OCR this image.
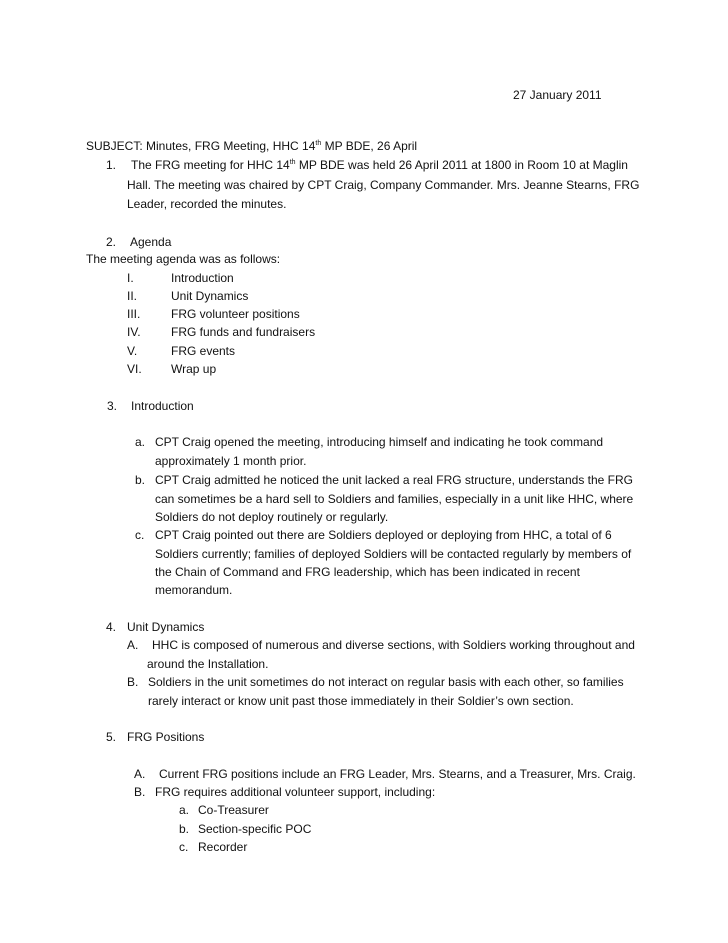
27 January 2011
SUBJECT: Minutes, FRG Meeting, HHC 14th MP BDE, 26 April
1. The FRG meeting for HHC 14th MP BDE was held 26 April 2011 at 1800 in Room 10 at Maglin
Hall. The meeting was chaired by CPT Craig, Company Commander. Mrs. Jeanne Stearns, FRG
Leader, recorded the minutes.
2. Agenda
The meeting agenda was as follows:
I.	Introduction
II.	Unit Dynamics
III.	FRG volunteer positions
IV.	FRG funds and fundraisers
V.	FRG events
VI. Wrap up
3. Introduction
a. CPT Craig opened the meeting, introducing himself and indicating he took command
approximately 1 month prior.
b. CPT Craig admitted he noticed the unit lacked a real FRG structure, understands the FRG
can sometimes be a hard sell to Soldiers and families, especially in a unit like HHC, where
Soldiers do not deploy routinely or regularly.
c. CPT Craig pointed out there are Soldiers deployed or deploying from HHC, a total of 6
Soldiers currently; families of deployed Soldiers will be contacted regularly by members of
the Chain of Command and FRG leadership, which has been indicated in recent
memorandum.
4. Unit Dynamics
A. HHC is composed of numerous and diverse sections, with Soldiers working throughout and
around the Installation.
B. Soldiers in the unit sometimes do not interact on regular basis with each other, so families
rarely interact or know unit past those immediately in their Soldier’s own section.
5. FRG Positions
A. Current FRG positions include an FRG Leader, Mrs. Stearns, and a Treasurer, Mrs. Craig.
B. FRG requires additional volunteer support, including:
a. Co-Treasurer
b. Section-specific POC
c. Recorder
